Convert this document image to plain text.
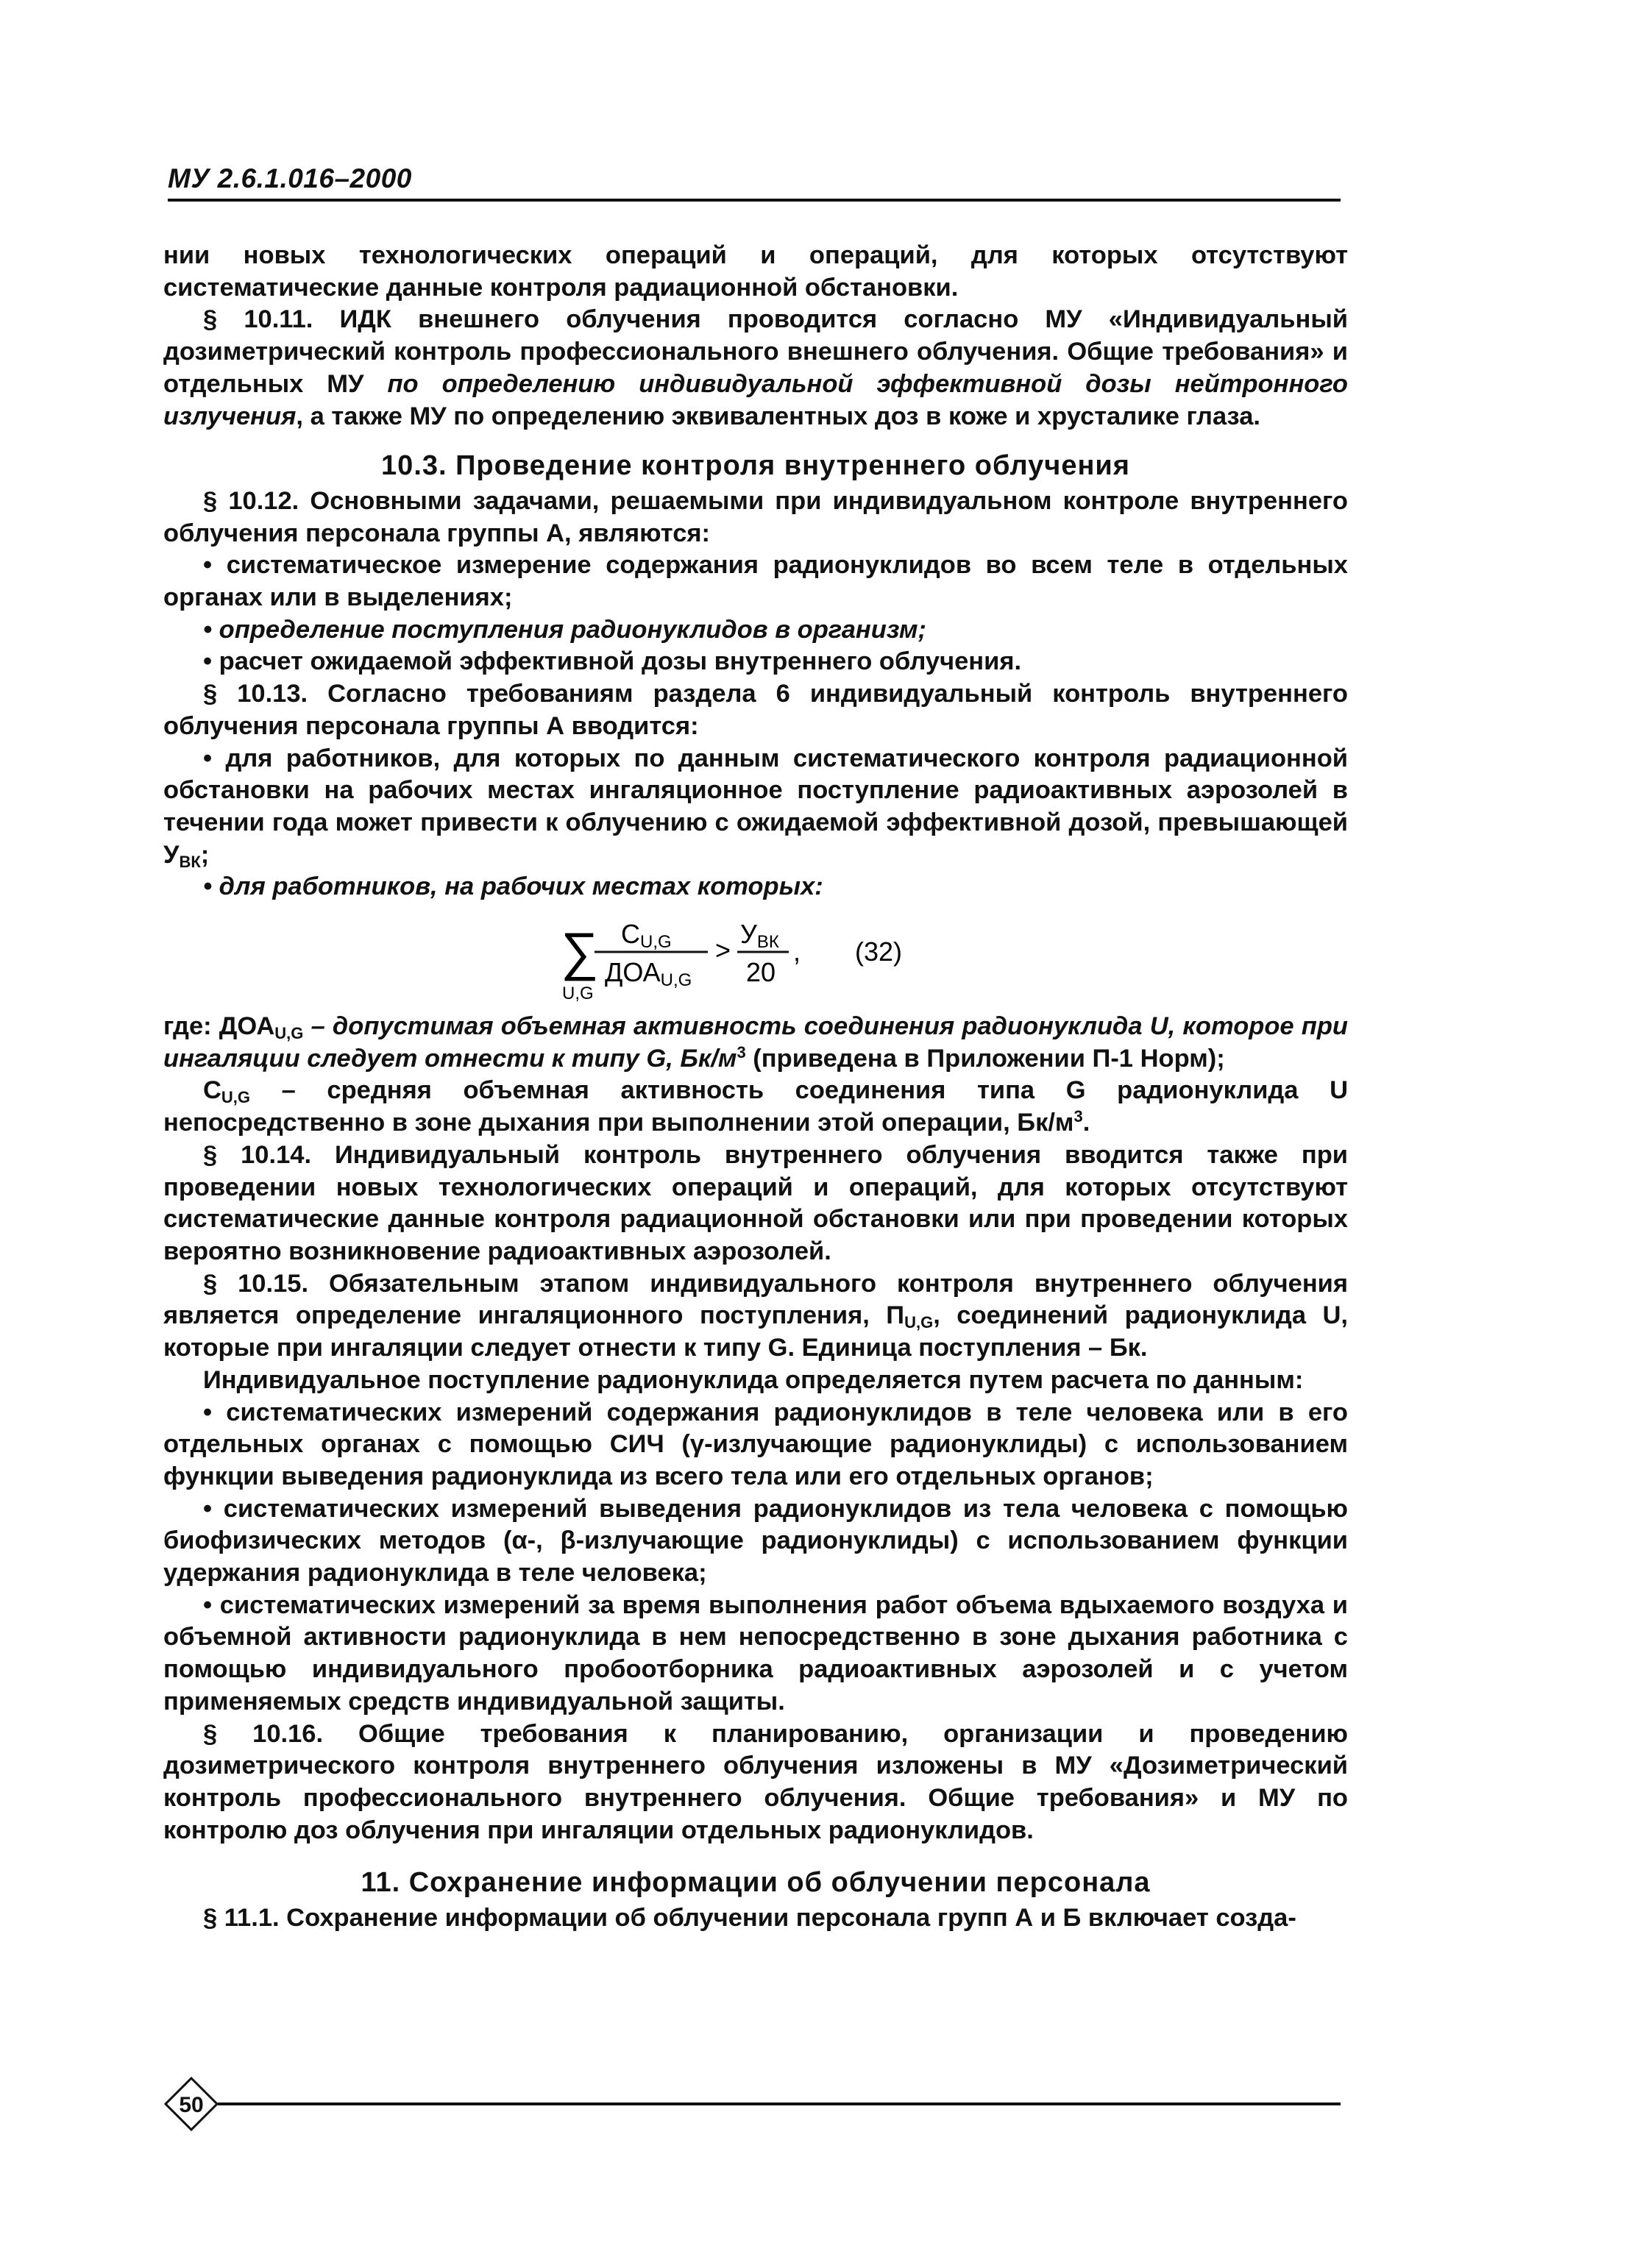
МУ 2.6.1.016–2000

нии новых технологических операций и операций, для которых отсутствуют систематические данные контроля радиационной обстановки.

§ 10.11. ИДК внешнего облучения проводится согласно МУ «Индивидуальный дозиметрический контроль профессионального внешнего облучения. Общие требования» и отдельных МУ по определению индивидуальной эффективной дозы нейтронного излучения, а также МУ по определению эквивалентных доз в коже и хрусталике глаза.

10.3. Проведение контроля внутреннего облучения

§ 10.12. Основными задачами, решаемыми при индивидуальном контроле внутреннего облучения персонала группы А, являются:

• систематическое измерение содержания радионуклидов во всем теле в отдельных органах или в выделениях;

• определение поступления радионуклидов в организм;

• расчет ожидаемой эффективной дозы внутреннего облучения.

§ 10.13. Согласно требованиям раздела 6 индивидуальный контроль внутреннего облучения персонала группы А вводится:

• для работников, для которых по данным систематического контроля радиационной обстановки на рабочих местах ингаляционное поступление радиоактивных аэрозолей в течении года может привести к облучению с ожидаемой эффективной дозой, превышающей $У_{ВК}$;

• для работников, на рабочих местах которых:

∑
U,G
CU,G
ДОАU,G
>
УВК
20
, (32)

где: $ДОА_{U,G}$ – допустимая объемная активность соединения радионуклида U, которое при ингаляции следует отнести к типу G, $Бк/м^3$ (приведена в Приложении П-1 Норм);

$C_{U,G}$ – средняя объемная активность соединения типа G радионуклида U непосредственно в зоне дыхания при выполнении этой операции, $Бк/м^3$.

§ 10.14. Индивидуальный контроль внутреннего облучения вводится также при проведении новых технологических операций и операций, для которых отсутствуют систематические данные контроля радиационной обстановки или при проведении которых вероятно возникновение радиоактивных аэрозолей.

§ 10.15. Обязательным этапом индивидуального контроля внутреннего облучения является определение ингаляционного поступления, $П_{U,G}$, соединений радионуклида U, которые при ингаляции следует отнести к типу G. Единица поступления – Бк.

Индивидуальное поступление радионуклида определяется путем расчета по данным:

• систематических измерений содержания радионуклидов в теле человека или в его отдельных органах с помощью СИЧ (γ-излучающие радионуклиды) с использованием функции выведения радионуклида из всего тела или его отдельных органов;

• систематических измерений выведения радионуклидов из тела человека с помощью биофизических методов (α-, β-излучающие радионуклиды) с использованием функции удержания радионуклида в теле человека;

• систематических измерений за время выполнения работ объема вдыхаемого воздуха и объемной активности радионуклида в нем непосредственно в зоне дыхания работника с помощью индивидуального пробоотборника радиоактивных аэрозолей и с учетом применяемых средств индивидуальной защиты.

§ 10.16. Общие требования к планированию, организации и проведению дозиметрического контроля внутреннего облучения изложены в МУ «Дозиметрический контроль профессионального внутреннего облучения. Общие требования» и МУ по контролю доз облучения при ингаляции отдельных радионуклидов.

11. Сохранение информации об облучении персонала

§ 11.1. Сохранение информации об облучении персонала групп А и Б включает созда-

50
